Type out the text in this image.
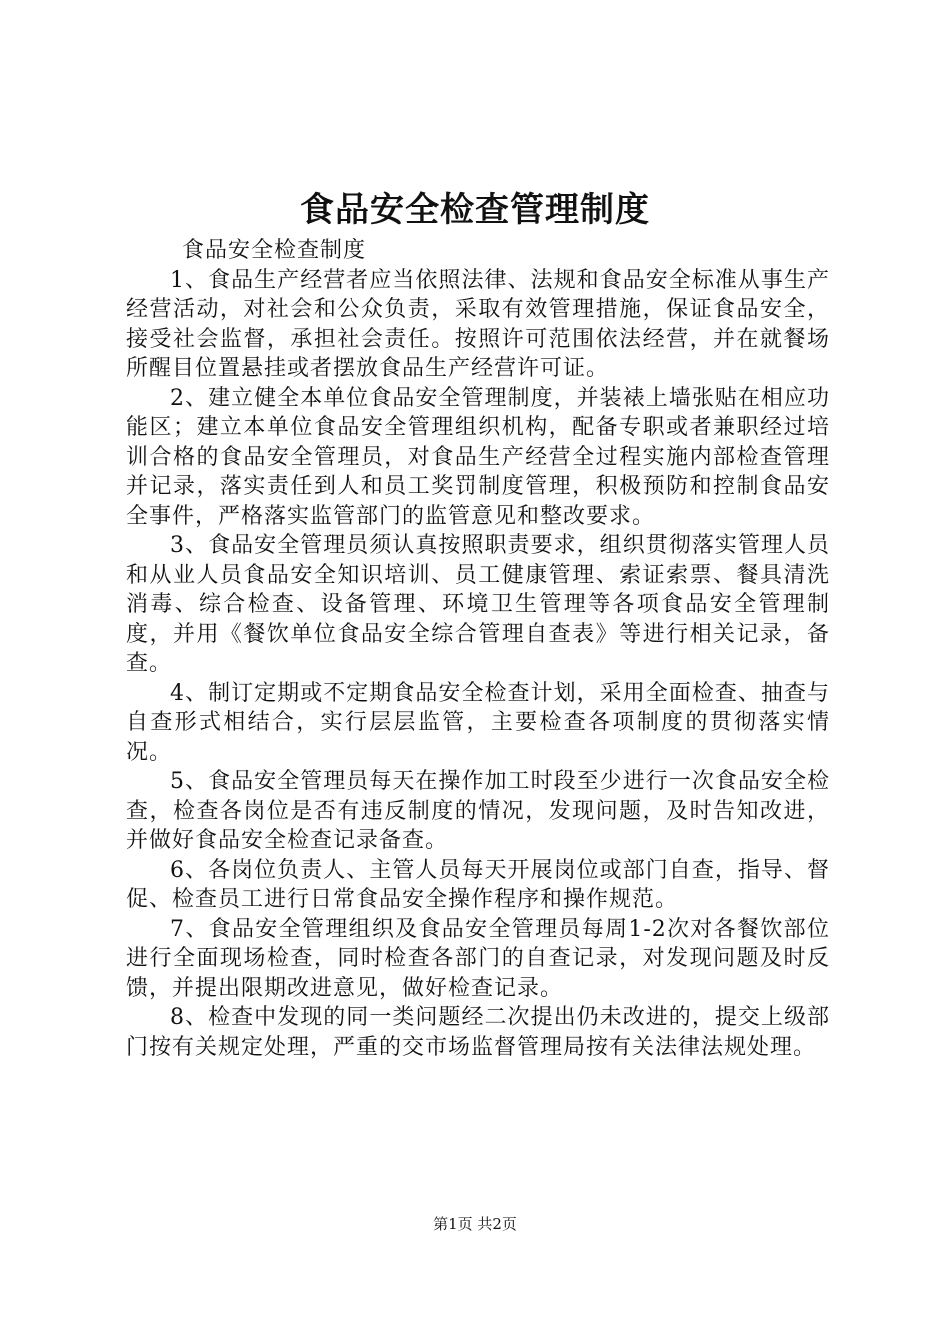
食品安全检查管理制度

食品安全检查制度

1、食品生产经营者应当依照法律、法规和食品安全标准从事生产经营活动，对社会和公众负责，采取有效管理措施，保证食品安全，接受社会监督，承担社会责任。按照许可范围依法经营，并在就餐场所醒目位置悬挂或者摆放食品生产经营许可证。

2、建立健全本单位食品安全管理制度，并装裱上墙张贴在相应功能区；建立本单位食品安全管理组织机构，配备专职或者兼职经过培训合格的食品安全管理员，对食品生产经营全过程实施内部检查管理并记录，落实责任到人和员工奖罚制度管理，积极预防和控制食品安全事件，严格落实监管部门的监管意见和整改要求。

3、食品安全管理员须认真按照职责要求，组织贯彻落实管理人员和从业人员食品安全知识培训、员工健康管理、索证索票、餐具清洗消毒、综合检查、设备管理、环境卫生管理等各项食品安全管理制度，并用《餐饮单位食品安全综合管理自查表》等进行相关记录，备查。

4、制订定期或不定期食品安全检查计划，采用全面检查、抽查与自查形式相结合，实行层层监管，主要检查各项制度的贯彻落实情况。

5、食品安全管理员每天在操作加工时段至少进行一次食品安全检查，检查各岗位是否有违反制度的情况，发现问题，及时告知改进，并做好食品安全检查记录备查。

6、各岗位负责人、主管人员每天开展岗位或部门自查，指导、督促、检查员工进行日常食品安全操作程序和操作规范。

7、食品安全管理组织及食品安全管理员每周1-2次对各餐饮部位进行全面现场检查，同时检查各部门的自查记录，对发现问题及时反馈，并提出限期改进意见，做好检查记录。

8、检查中发现的同一类问题经二次提出仍未改进的，提交上级部门按有关规定处理，严重的交市场监督管理局按有关法律法规处理。

第1页 共2页
